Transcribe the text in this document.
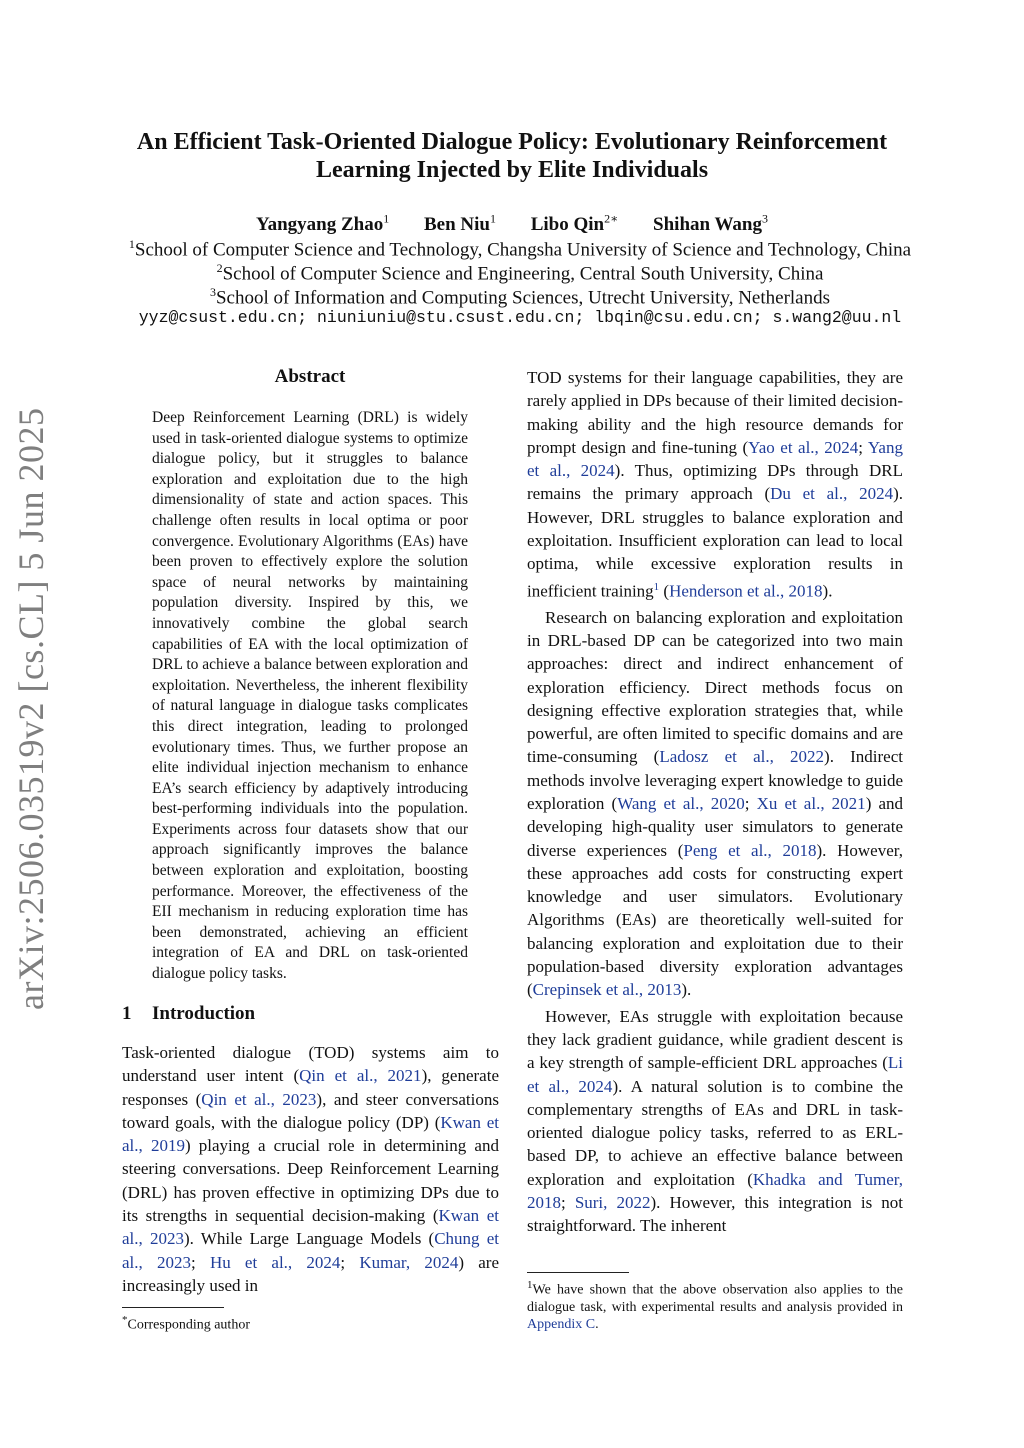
arXiv:2506.03519v2 [cs.CL] 5 Jun 2025
An Efficient Task-Oriented Dialogue Policy: Evolutionary Reinforcement
Learning Injected by Elite Individuals
Yangyang Zhao$^1$ Ben Niu$^1$ Libo Qin$^{2∗}$ Shihan Wang$^3$
$^1$School of Computer Science and Technology, Changsha University of Science and Technology, China
$^2$School of Computer Science and Engineering, Central South University, China
$^3$School of Information and Computing Sciences, Utrecht University, Netherlands
yyz@csust.edu.cn; niuniuniu@stu.csust.edu.cn; lbqin@csu.edu.cn; s.wang2@uu.nl
Abstract
Deep Reinforcement Learning (DRL) is widely used in task-oriented dialogue systems to optimize dialogue policy, but it struggles to balance exploration and exploitation due to the high dimensionality of state and action spaces. This challenge often results in local optima or poor convergence. Evolutionary Algorithms (EAs) have been proven to effectively explore the solution space of neural networks by maintaining population diversity. Inspired by this, we innovatively combine the global search capabilities of EA with the local optimization of DRL to achieve a balance between exploration and exploitation. Nevertheless, the inherent flexibility of natural language in dialogue tasks complicates this direct integration, leading to prolonged evolutionary times. Thus, we further propose an elite individual injection mechanism to enhance EA’s search efficiency by adaptively introducing best-performing individuals into the population. Experiments across four datasets show that our approach significantly improves the balance between exploration and exploitation, boosting performance. Moreover, the effectiveness of the EII mechanism in reducing exploration time has been demonstrated, achieving an efficient integration of EA and DRL on task-oriented dialogue policy tasks.
1 Introduction

Task-oriented dialogue (TOD) systems aim to understand user intent (Qin et al., 2021), generate responses (Qin et al., 2023), and steer conversations toward goals, with the dialogue policy (DP) (Kwan et al., 2019) playing a crucial role in determining and steering conversations. Deep Reinforcement Learning (DRL) has proven effective in optimizing DPs due to its strengths in sequential decision-making (Kwan et al., 2023). While Large Language Models (Chung et al., 2023; Hu et al., 2024; Kumar, 2024) are increasingly used in

TOD systems for their language capabilities, they are rarely applied in DPs because of their limited decision-making ability and the high resource demands for prompt design and fine-tuning (Yao et al., 2024; Yang et al., 2024). Thus, optimizing DPs through DRL remains the primary approach (Du et al., 2024). However, DRL struggles to balance exploration and exploitation. Insufficient exploration can lead to local optima, while excessive exploration results in inefficient training$^1$ (Henderson et al., 2018).

Research on balancing exploration and exploitation in DRL-based DP can be categorized into two main approaches: direct and indirect enhancement of exploration efficiency. Direct methods focus on designing effective exploration strategies that, while powerful, are often limited to specific domains and are time-consuming (Ladosz et al., 2022). Indirect methods involve leveraging expert knowledge to guide exploration (Wang et al., 2020; Xu et al., 2021) and developing high-quality user simulators to generate diverse experiences (Peng et al., 2018). However, these approaches add costs for constructing expert knowledge and user simulators. Evolutionary Algorithms (EAs) are theoretically well-suited for balancing exploration and exploitation due to their population-based diversity exploration advantages (Crepinsek et al., 2013).

However, EAs struggle with exploitation because they lack gradient guidance, while gradient descent is a key strength of sample-efficient DRL approaches (Li et al., 2024). A natural solution is to combine the complementary strengths of EAs and DRL in task-oriented dialogue policy tasks, referred to as ERL-based DP, to achieve an effective balance between exploration and exploitation (Khadka and Tumer, 2018; Suri, 2022). However, this integration is not straightforward. The inherent

*Corresponding author
$^1$We have shown that the above observation also applies to the dialogue task, with experimental results and analysis provided in Appendix C.
